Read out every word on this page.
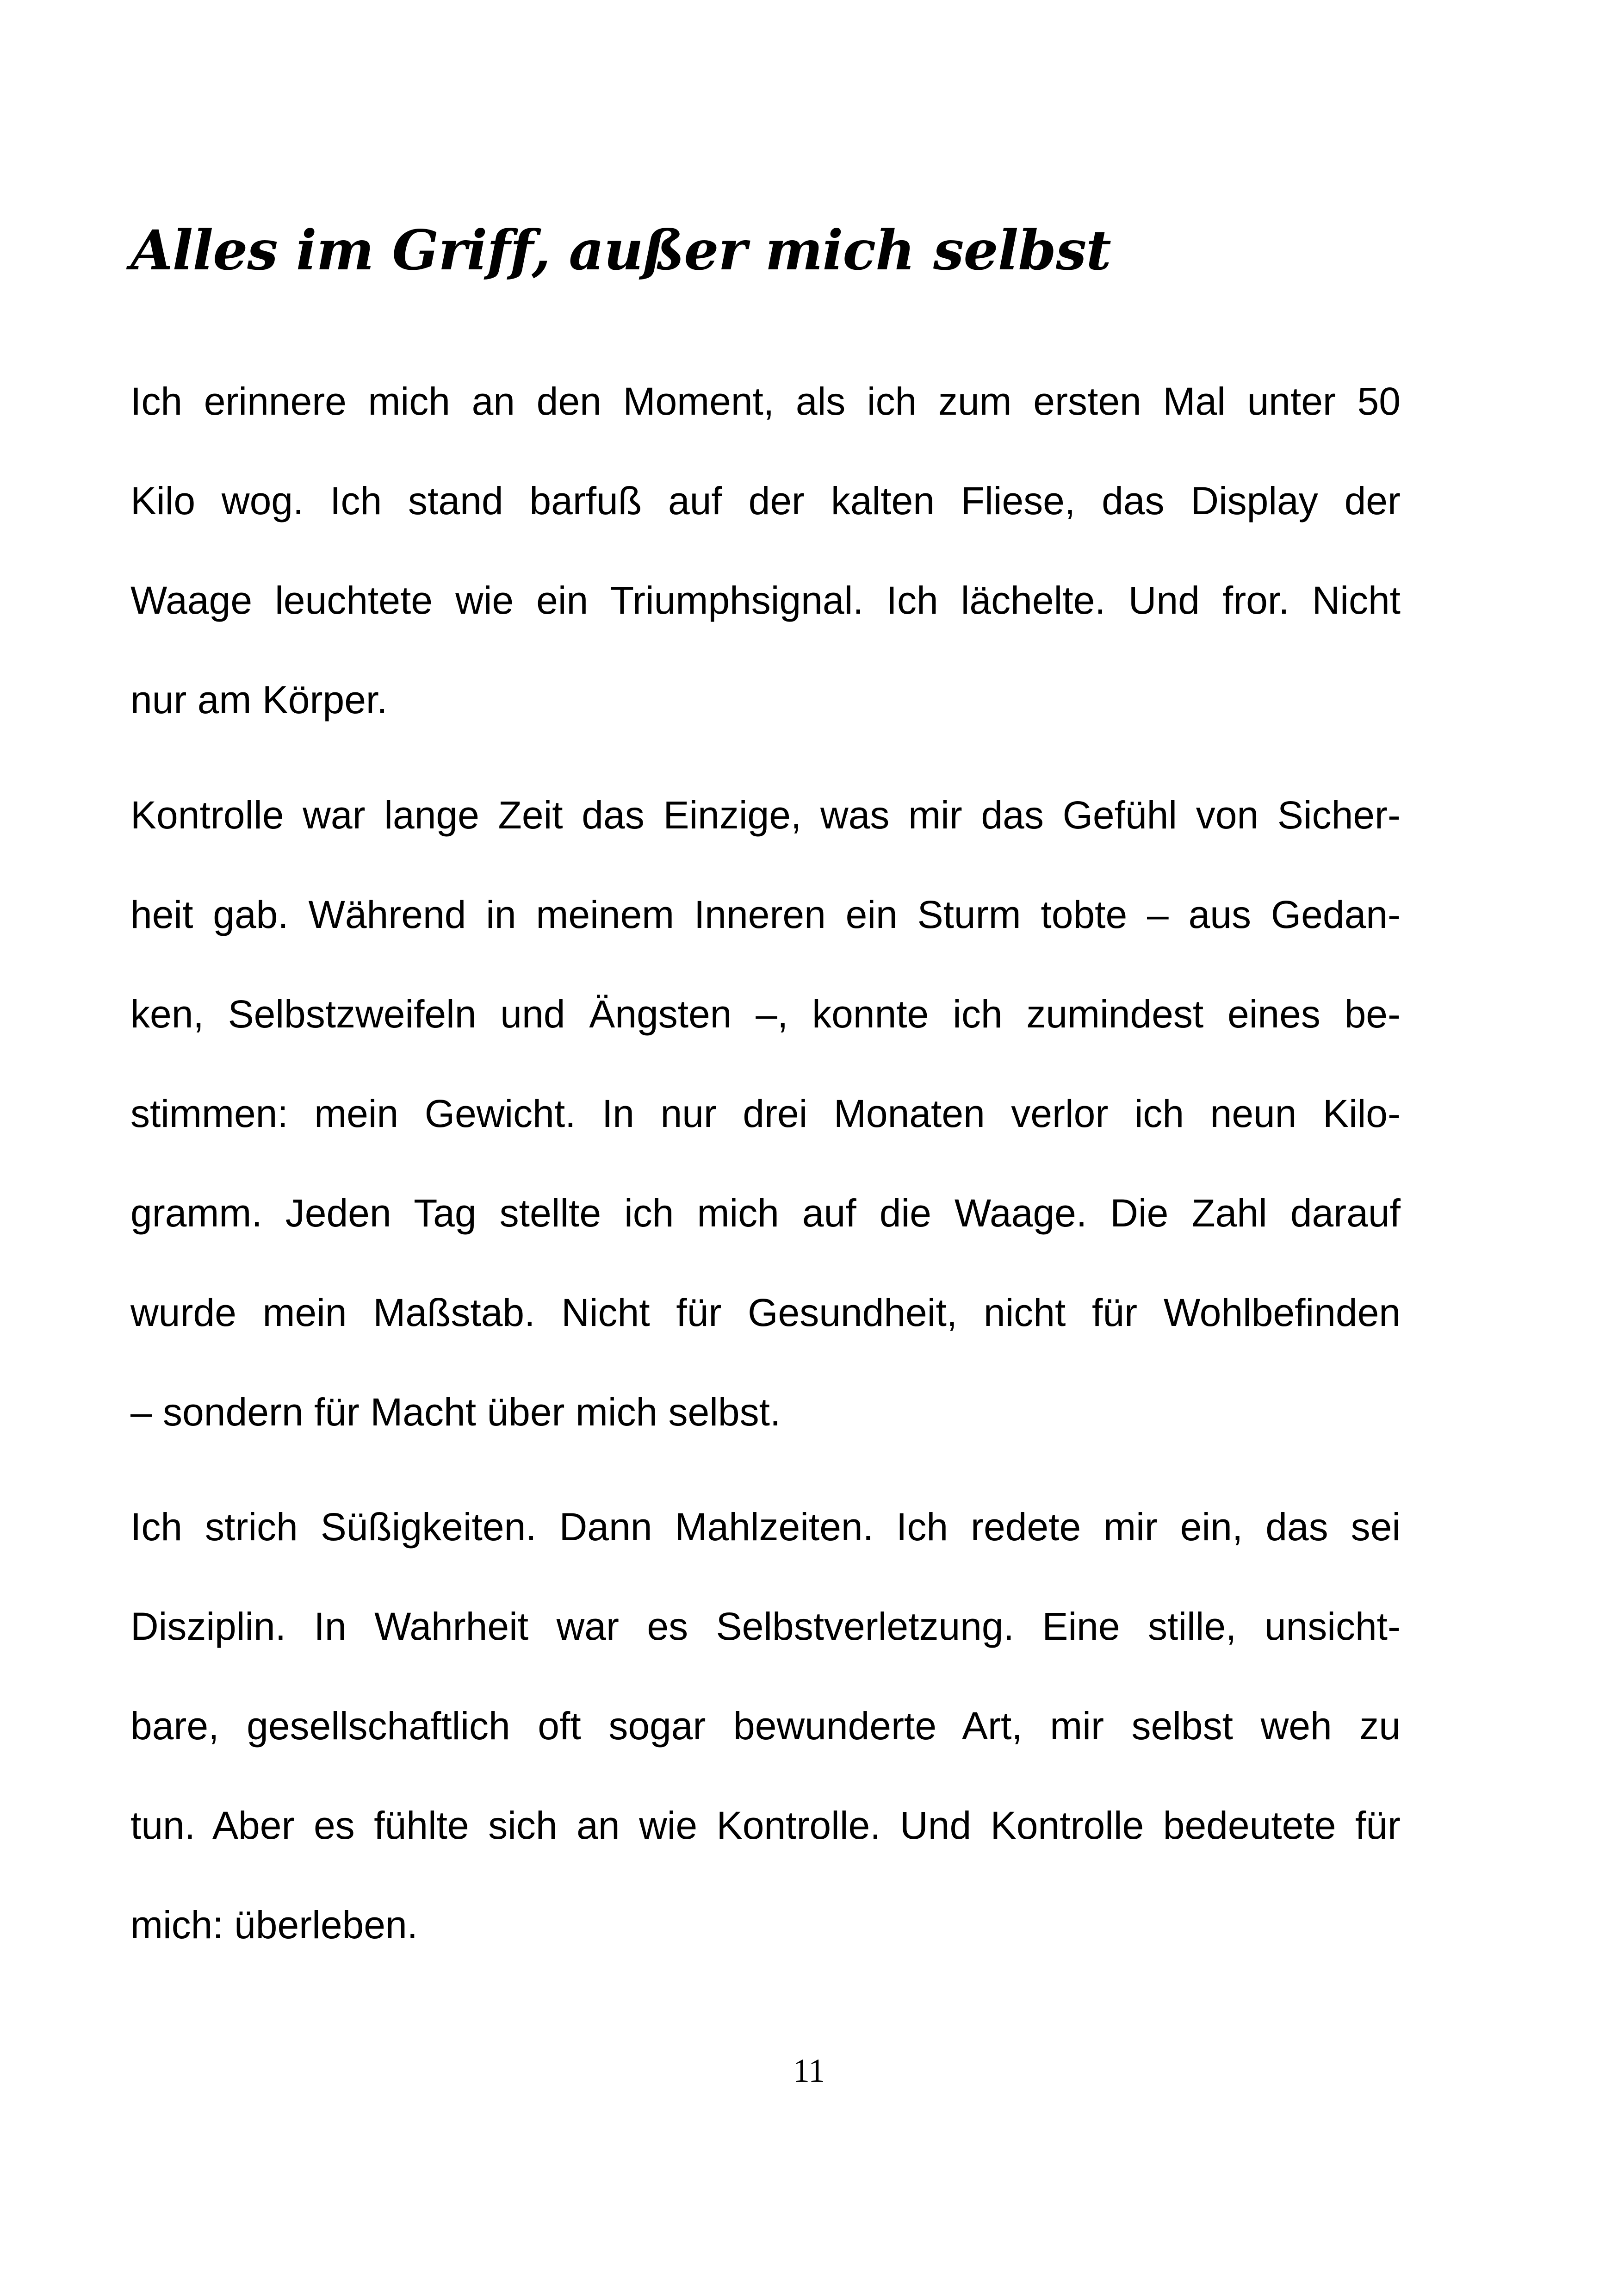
Alles im Griff, außer mich selbst

Ich erinnere mich an den Moment, als ich zum ersten Mal unter 50
Kilo wog. Ich stand barfuß auf der kalten Fliese, das Display der
Waage leuchtete wie ein Triumphsignal. Ich lächelte. Und fror. Nicht
nur am Körper.

Kontrolle war lange Zeit das Einzige, was mir das Gefühl von Sicher-
heit gab. Während in meinem Inneren ein Sturm tobte – aus Gedan-
ken, Selbstzweifeln und Ängsten –, konnte ich zumindest eines be-
stimmen: mein Gewicht. In nur drei Monaten verlor ich neun Kilo-
gramm. Jeden Tag stellte ich mich auf die Waage. Die Zahl darauf
wurde mein Maßstab. Nicht für Gesundheit, nicht für Wohlbefinden
– sondern für Macht über mich selbst.

Ich strich Süßigkeiten. Dann Mahlzeiten. Ich redete mir ein, das sei
Disziplin. In Wahrheit war es Selbstverletzung. Eine stille, unsicht-
bare, gesellschaftlich oft sogar bewunderte Art, mir selbst weh zu
tun. Aber es fühlte sich an wie Kontrolle. Und Kontrolle bedeutete für
mich: überleben.

11
